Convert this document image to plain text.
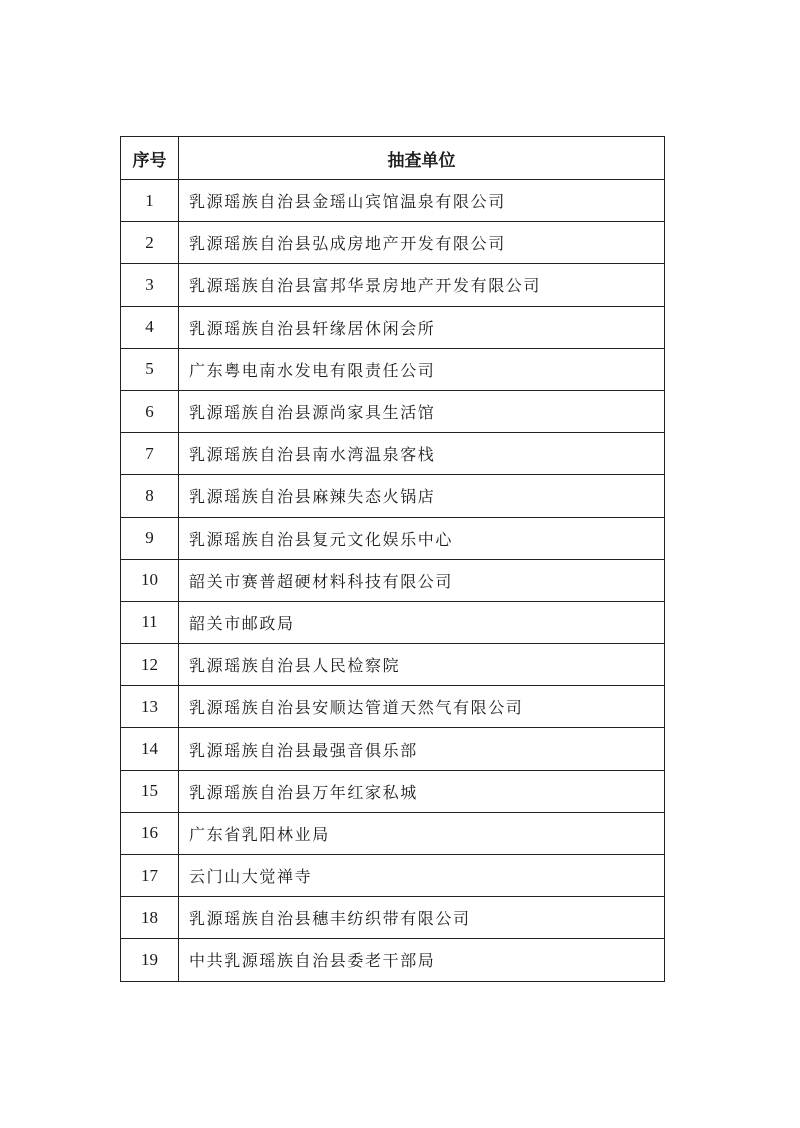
序号	抽查单位
1	乳源瑶族自治县金瑶山宾馆温泉有限公司
2	乳源瑶族自治县弘成房地产开发有限公司
3	乳源瑶族自治县富邦华景房地产开发有限公司
4	乳源瑶族自治县轩缘居休闲会所
5	广东粤电南水发电有限责任公司
6	乳源瑶族自治县源尚家具生活馆
7	乳源瑶族自治县南水湾温泉客栈
8	乳源瑶族自治县麻辣失态火锅店
9	乳源瑶族自治县复元文化娱乐中心
10	韶关市赛普超硬材料科技有限公司
11	韶关市邮政局
12	乳源瑶族自治县人民检察院
13	乳源瑶族自治县安顺达管道天然气有限公司
14	乳源瑶族自治县最强音俱乐部
15	乳源瑶族自治县万年红家私城
16	广东省乳阳林业局
17	云门山大觉禅寺
18	乳源瑶族自治县穗丰纺织带有限公司
19	中共乳源瑶族自治县委老干部局
